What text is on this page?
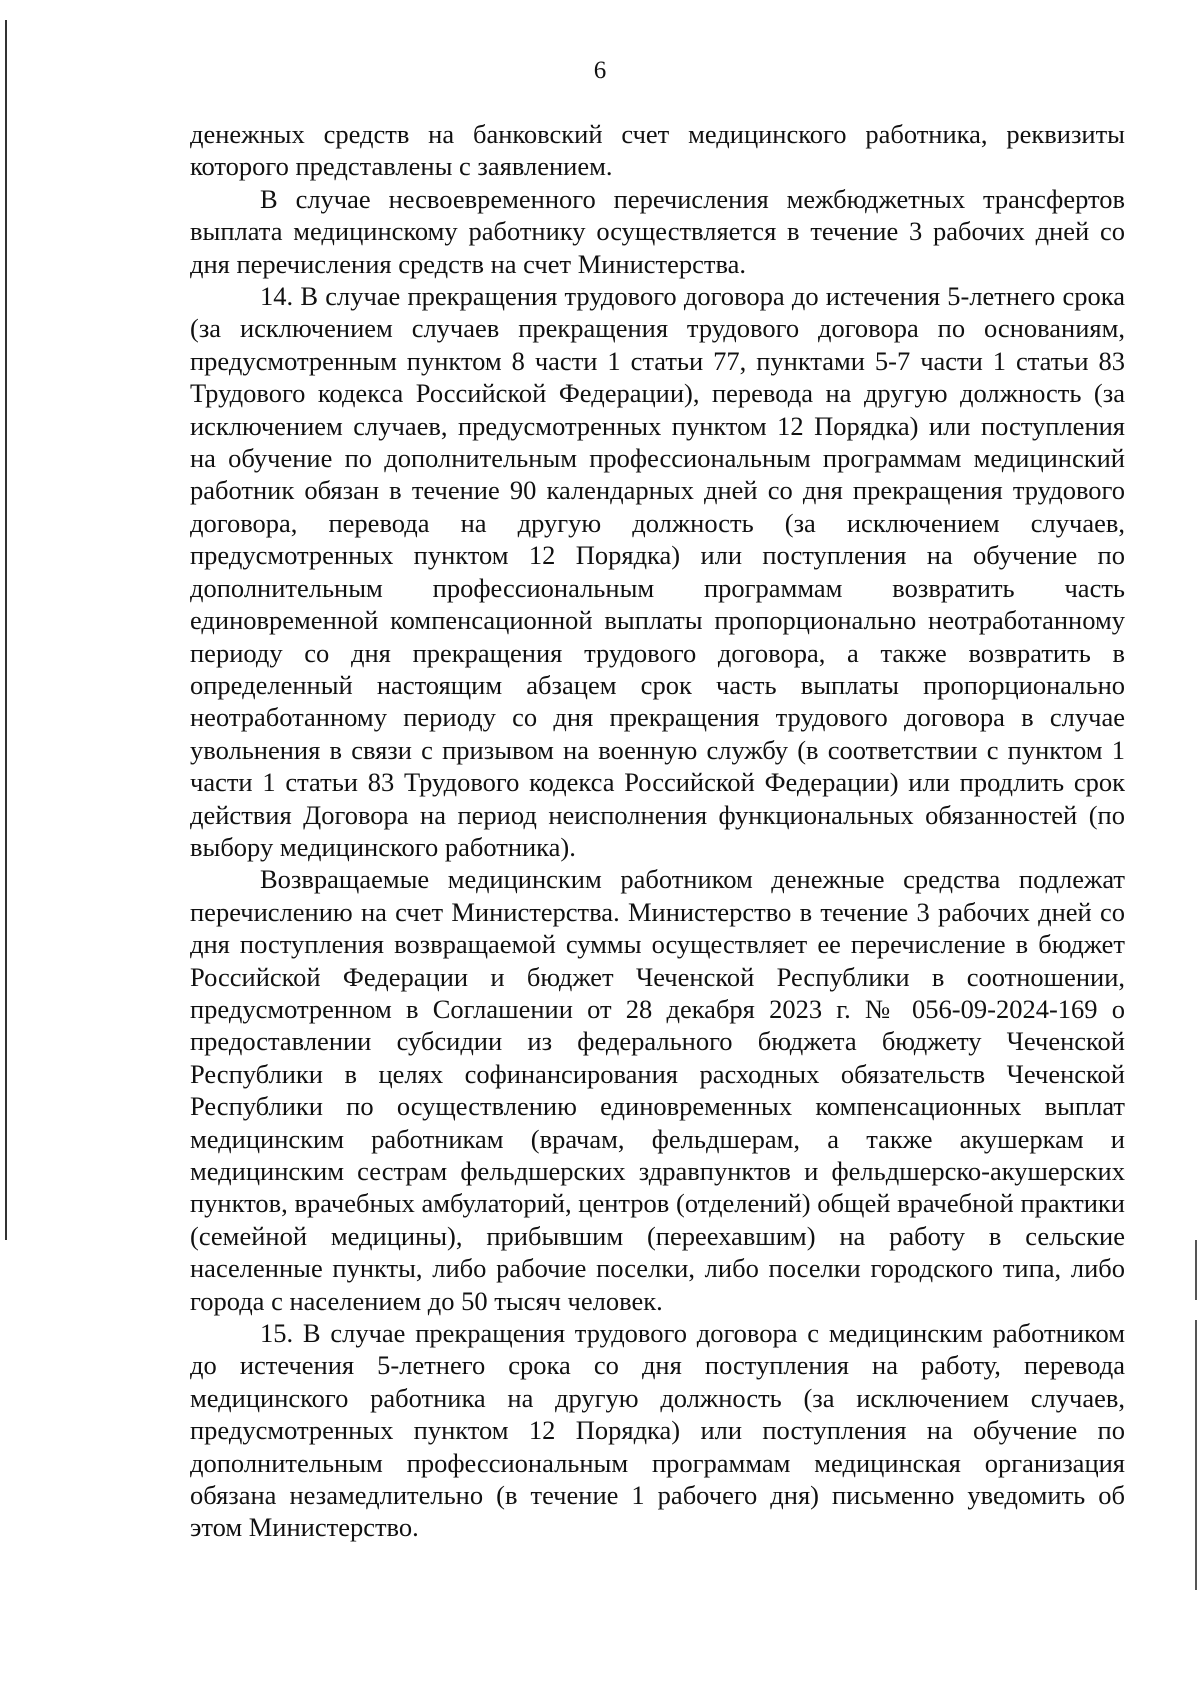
6

денежных средств на банковский счет медицинского работника, реквизиты которого представлены с заявлением.

В случае несвоевременного перечисления межбюджетных трансфертов выплата медицинскому работнику осуществляется в течение 3 рабочих дней со дня перечисления средств на счет Министерства.

14. В случае прекращения трудового договора до истечения 5-летнего срока (за исключением случаев прекращения трудового договора по основаниям, предусмотренным пунктом 8 части 1 статьи 77, пунктами 5-7 части 1 статьи 83 Трудового кодекса Российской Федерации), перевода на другую должность (за исключением случаев, предусмотренных пунктом 12 Порядка) или поступления на обучение по дополнительным профессиональным программам медицинский работник обязан в течение 90 календарных дней со дня прекращения трудового договора, перевода на другую должность (за исключением случаев, предусмотренных пунктом 12 Порядка) или поступления на обучение по дополнительным профессиональным программам возвратить часть единовременной компенсационной выплаты пропорционально неотработанному периоду со дня прекращения трудового договора, а также возвратить в определенный настоящим абзацем срок часть выплаты пропорционально неотработанному периоду со дня прекращения трудового договора в случае увольнения в связи с призывом на военную службу (в соответствии с пунктом 1 части 1 статьи 83 Трудового кодекса Российской Федерации) или продлить срок действия Договора на период неисполнения функциональных обязанностей (по выбору медицинского работника).

Возвращаемые медицинским работником денежные средства подлежат перечислению на счет Министерства. Министерство в течение 3 рабочих дней со дня поступления возвращаемой суммы осуществляет ее перечисление в бюджет Российской Федерации и бюджет Чеченской Республики в соотношении, предусмотренном в Соглашении от 28 декабря 2023 г. № 056-09-2024-169 о предоставлении субсидии из федерального бюджета бюджету Чеченской Республики в целях софинансирования расходных обязательств Чеченской Республики по осуществлению единовременных компенсационных выплат медицинским работникам (врачам, фельдшерам, а также акушеркам и медицинским сестрам фельдшерских здравпунктов и фельдшерско-акушерских пунктов, врачебных амбулаторий, центров (отделений) общей врачебной практики (семейной медицины), прибывшим (переехавшим) на работу в сельские населенные пункты, либо рабочие поселки, либо поселки городского типа, либо города с населением до 50 тысяч человек.

15. В случае прекращения трудового договора с медицинским работником до истечения 5-летнего срока со дня поступления на работу, перевода медицинского работника на другую должность (за исключением случаев, предусмотренных пунктом 12 Порядка) или поступления на обучение по дополнительным профессиональным программам медицинская организация обязана незамедлительно (в течение 1 рабочего дня) письменно уведомить об этом Министерство.
